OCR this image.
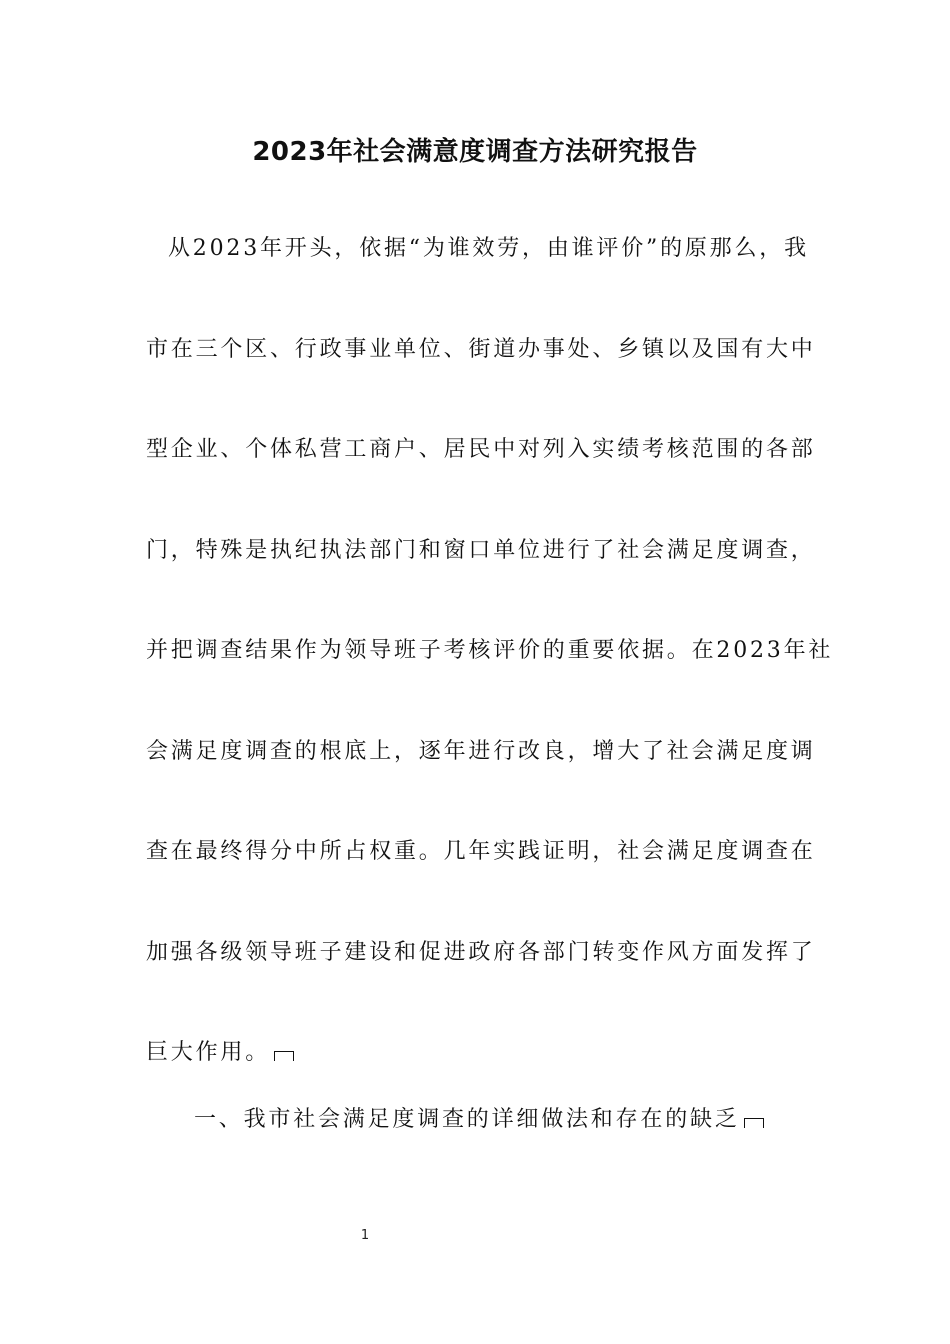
2023年社会满意度调查方法研究报告
从2023年开头，依据“为谁效劳，由谁评价”的原那么，我
市在三个区、行政事业单位、街道办事处、乡镇以及国有大中
型企业、个体私营工商户、居民中对列入实绩考核范围的各部
门，特殊是执纪执法部门和窗口单位进行了社会满足度调查，
并把调查结果作为领导班子考核评价的重要依据。在2023年社
会满足度调查的根底上，逐年进行改良，增大了社会满足度调
查在最终得分中所占权重。几年实践证明，社会满足度调查在
加强各级领导班子建设和促进政府各部门转变作风方面发挥了
巨大作用。
一、我市社会满足度调查的详细做法和存在的缺乏
1
